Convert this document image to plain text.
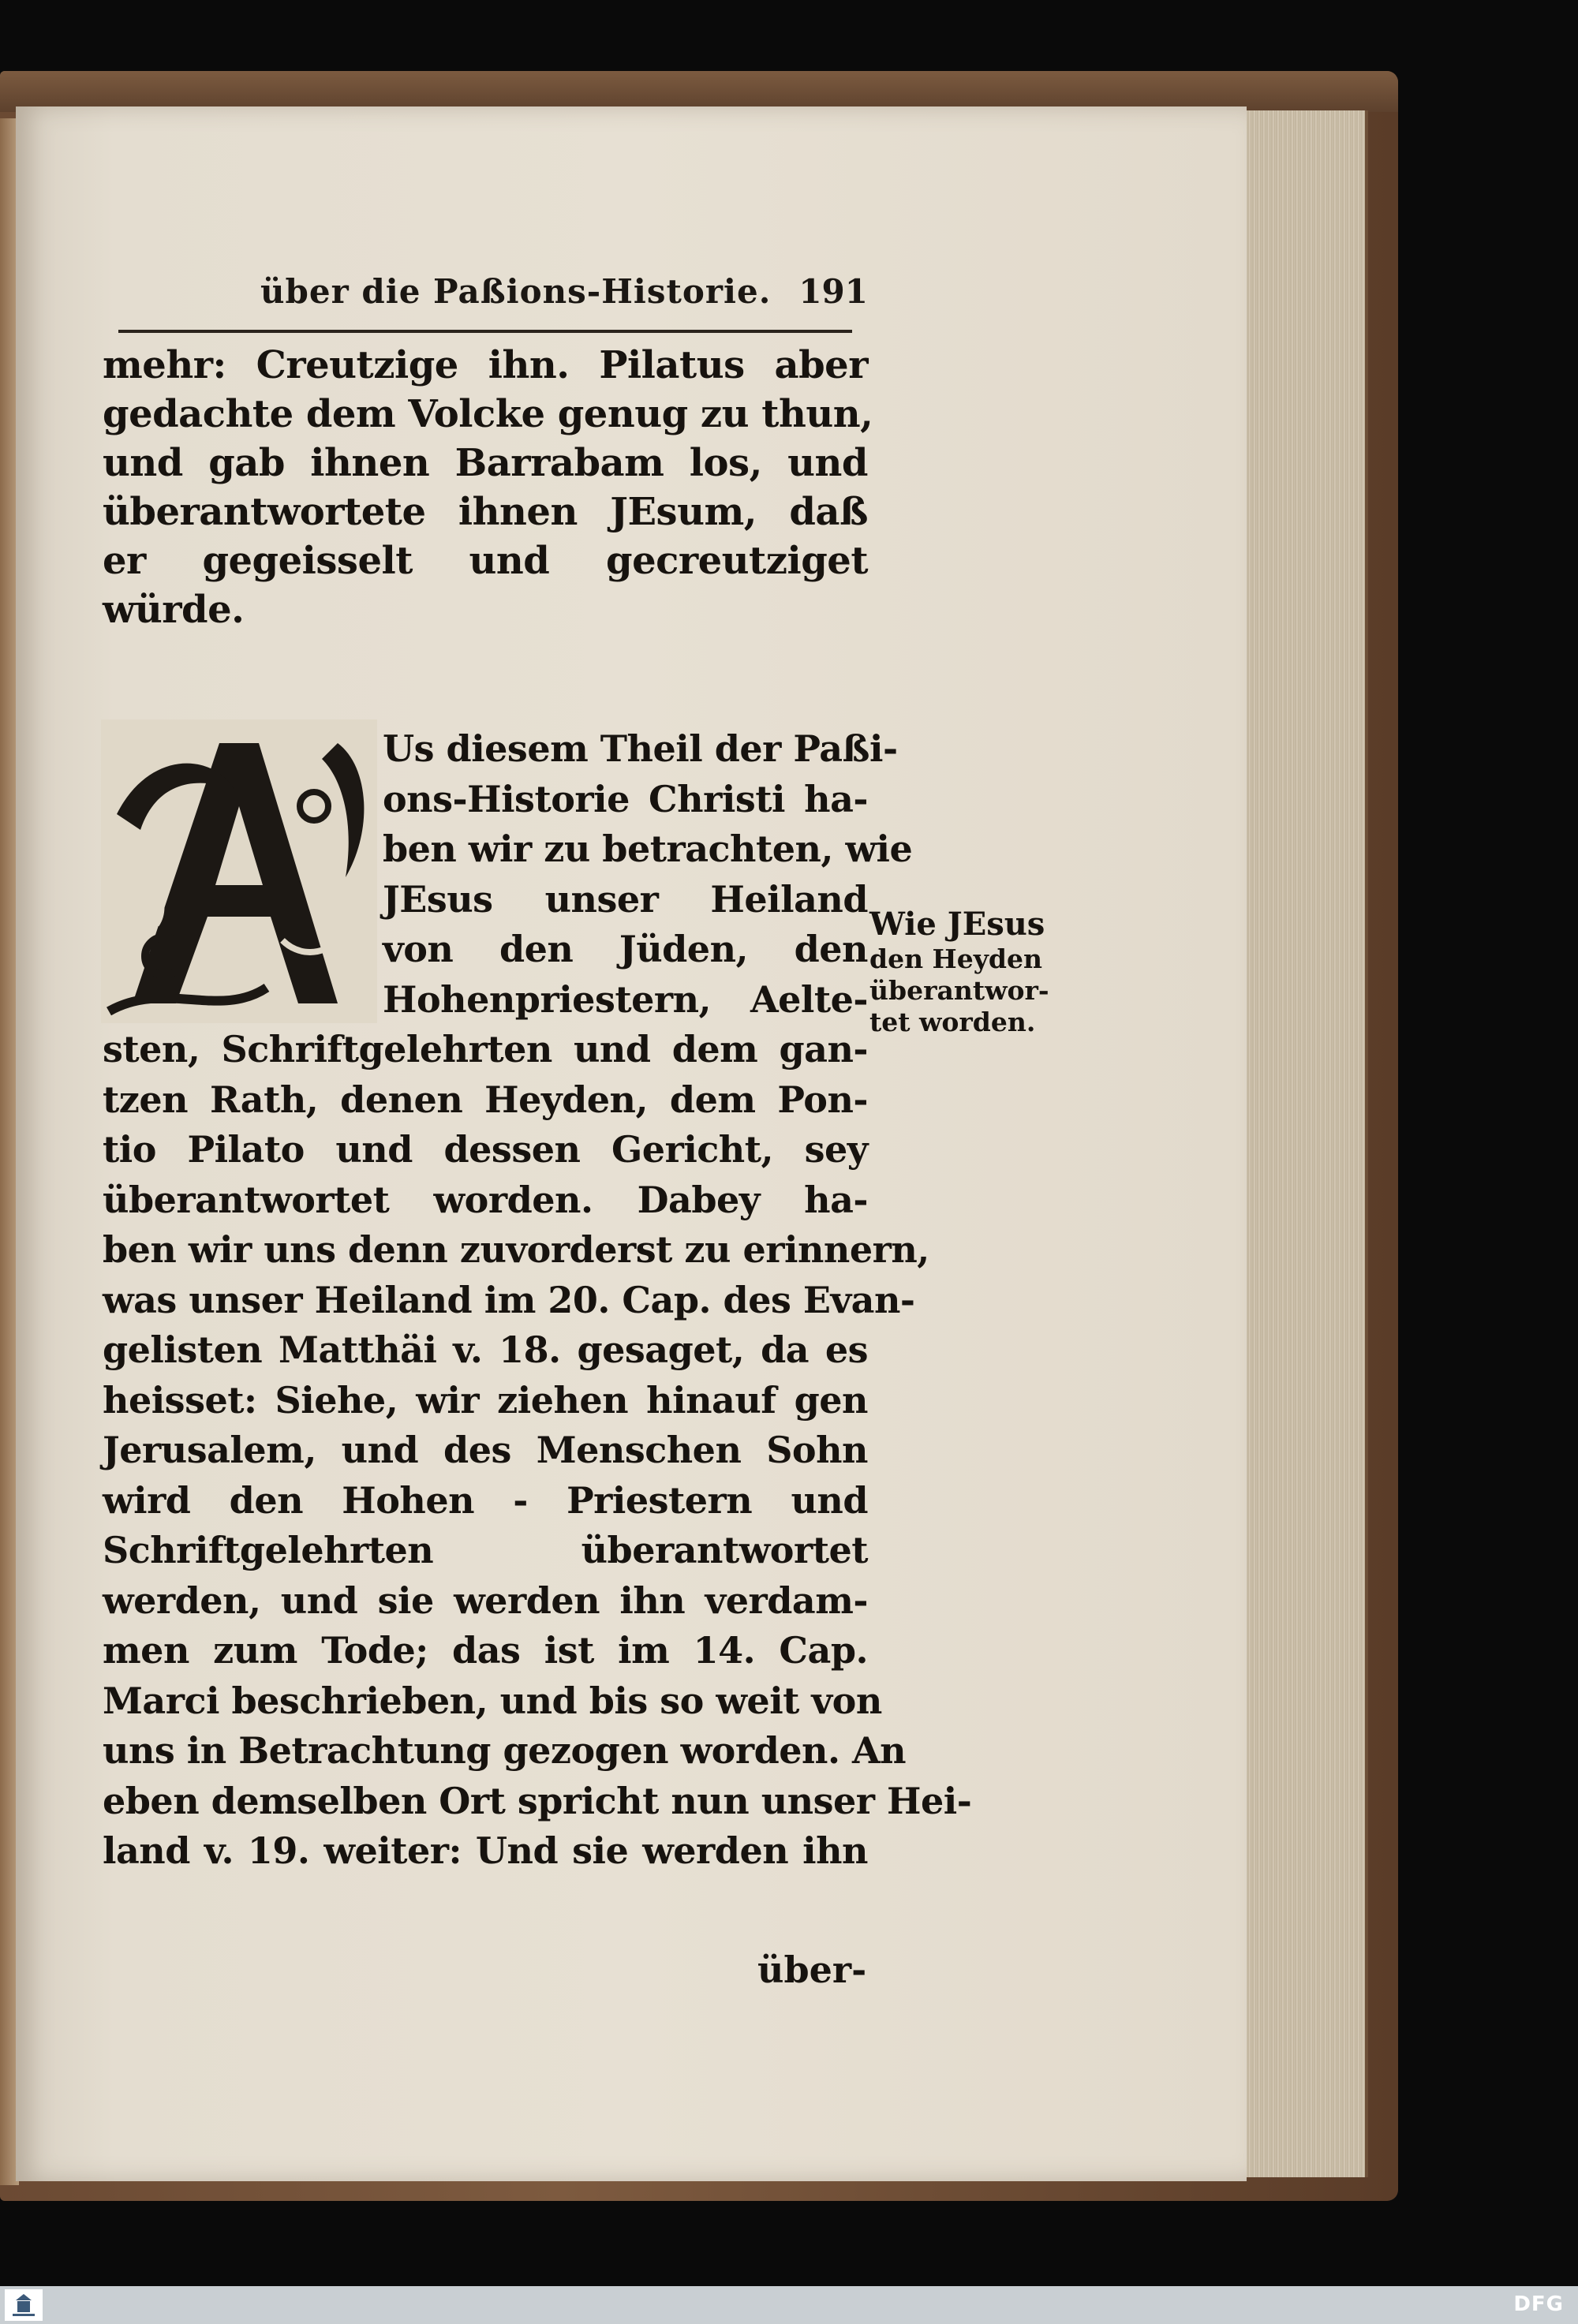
über die Paßions-Historie. 191
mehr: Creutzige ihn. Pilatus aber
gedachte dem Volcke genug zu thun,
und gab ihnen Barrabam los, und
überantwortete ihnen JEsum, daß
er gegeisselt und gecreutziget
würde.
Us diesem Theil der Paßi-
ons-Historie Christi ha-
ben wir zu betrachten, wie
JEsus unser Heiland
von den Jüden, den
Hohenpriestern, Aelte-
sten, Schriftgelehrten und dem gan-
tzen Rath, denen Heyden, dem Pon-
tio Pilato und dessen Gericht, sey
überantwortet worden. Dabey ha-
ben wir uns denn zuvorderst zu erinnern,
was unser Heiland im 20. Cap. des Evan-
gelisten Matthäi v. 18. gesaget, da es
heisset: Siehe, wir ziehen hinauf gen
Jerusalem, und des Menschen Sohn
wird den Hohen - Priestern und
Schriftgelehrten überantwortet
werden, und sie werden ihn verdam-
men zum Tode; das ist im 14. Cap.
Marci beschrieben, und bis so weit von
uns in Betrachtung gezogen worden. An
eben demselben Ort spricht nun unser Hei-
land v. 19. weiter: Und sie werden ihn
über-
Wie JEsus
den Heyden
überantwor-
tet worden.
DFG
